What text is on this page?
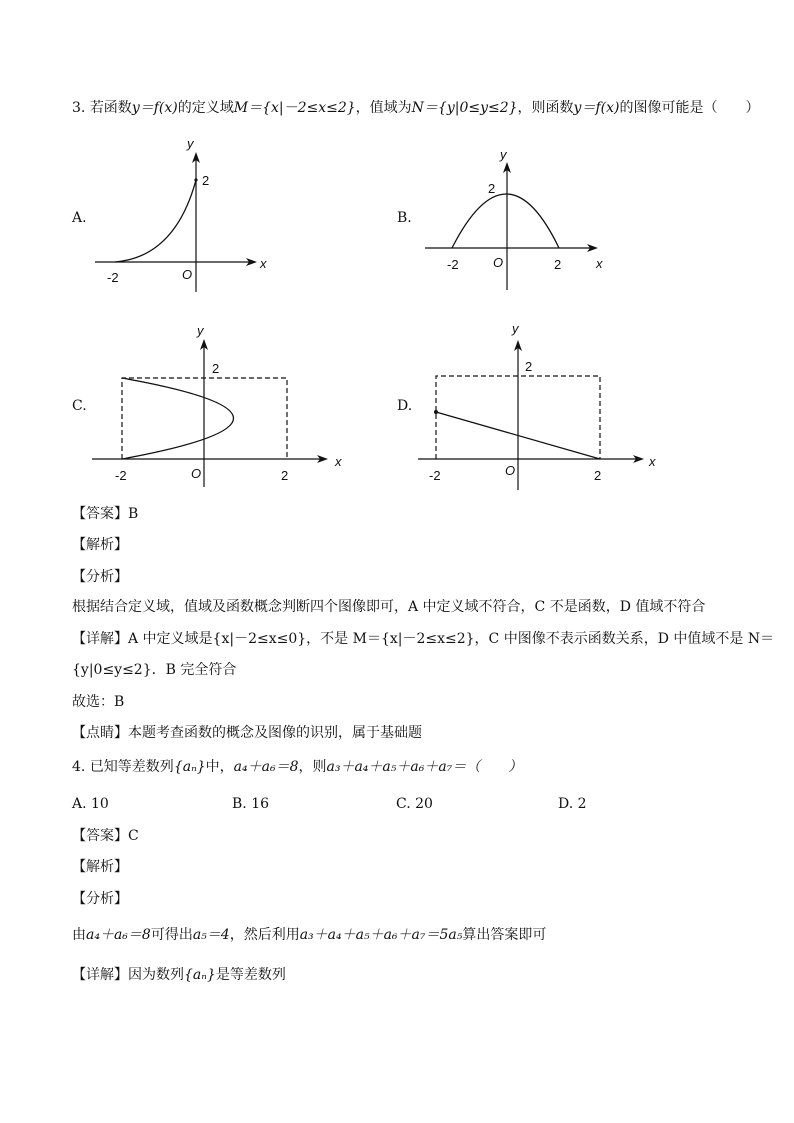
3. 若函数y＝f(x)的定义域M＝{x|－2≤x≤2}，值域为N＝{y|0≤y≤2}，则函数y＝f(x)的图像可能是（　　）
A.	B.
C.	D.
y
2
-2	O
x
y
2
-2	O	2	x
y
2
-2	O	2
x
y
2
-2	O	2
x
【答案】B
【解析】
【分析】
根据结合定义域，值域及函数概念判断四个图像即可，A 中定义域不符合，C 不是函数，D 值域不符合
【详解】A 中定义域是{x|－2≤x≤0}，不是 M＝{x|－2≤x≤2}，C 中图像不表示函数关系，D 中值域不是 N＝
{y|0≤y≤2}．B 完全符合
故选：B
【点睛】本题考查函数的概念及图像的识别，属于基础题
4. 已知等差数列{aₙ}中，a₄＋a₆＝8，则a₃＋a₄＋a₅＋a₆＋a₇＝（　　）
A. 10	B. 16	C. 20	D. 2
【答案】C
【解析】
【分析】
由a₄＋a₆＝8可得出a₅＝4，然后利用a₃＋a₄＋a₅＋a₆＋a₇＝5a₅算出答案即可
【详解】因为数列{aₙ}是等差数列
